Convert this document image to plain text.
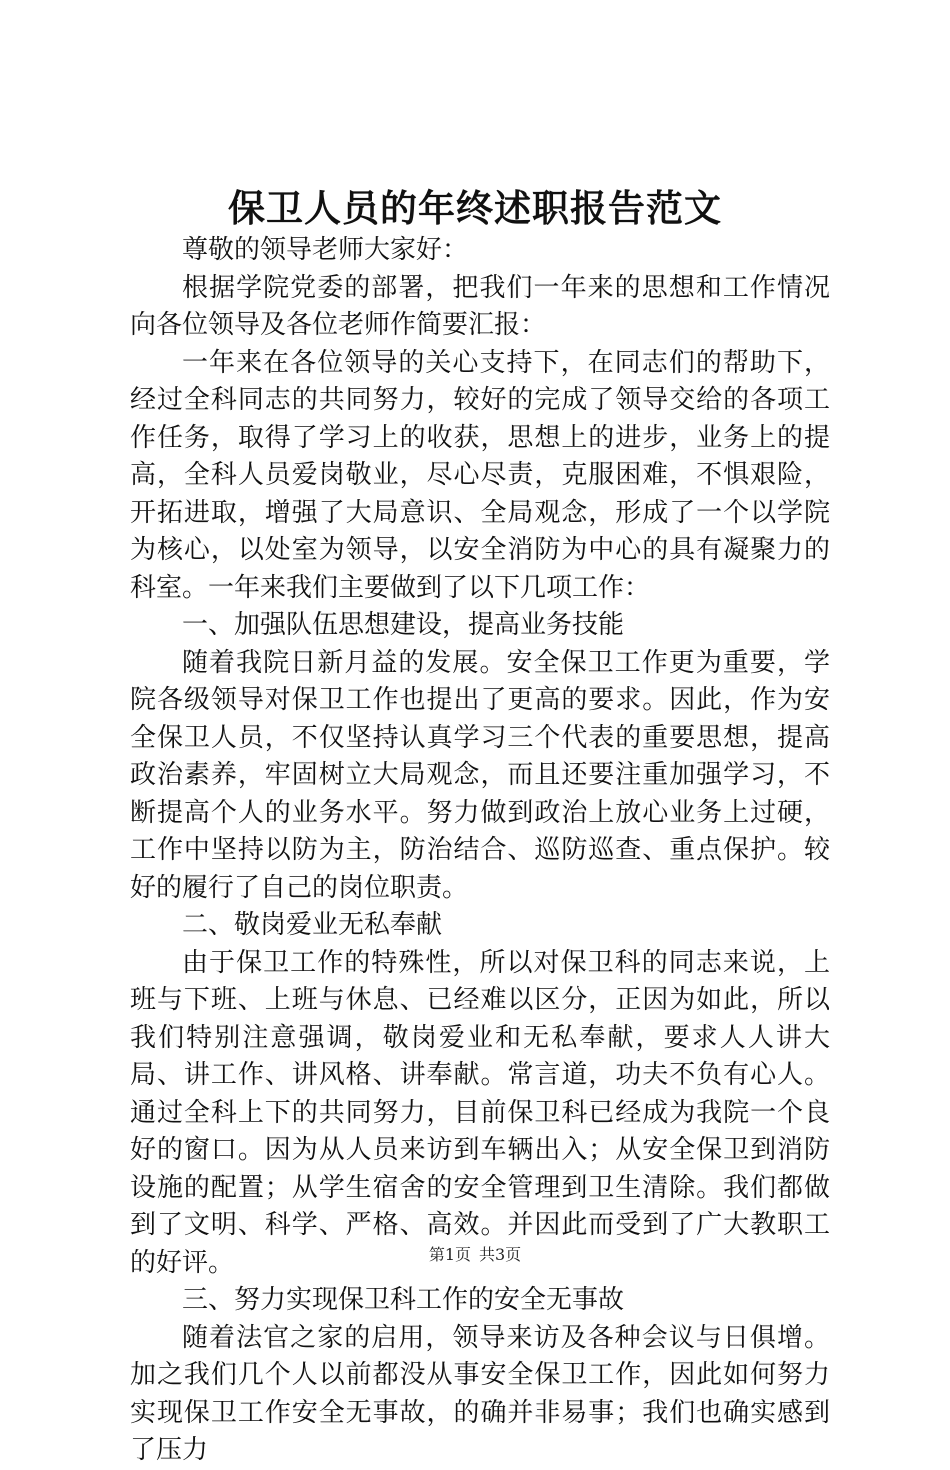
保卫人员的年终述职报告范文

尊敬的领导老师大家好：

根据学院党委的部署，把我们一年来的思想和工作情况向各位领导及各位老师作简要汇报：

一年来在各位领导的关心支持下，在同志们的帮助下，经过全科同志的共同努力，较好的完成了领导交给的各项工作任务，取得了学习上的收获，思想上的进步，业务上的提高，全科人员爱岗敬业，尽心尽责，克服困难，不惧艰险，开拓进取，增强了大局意识、全局观念，形成了一个以学院为核心，以处室为领导，以安全消防为中心的具有凝聚力的科室。一年来我们主要做到了以下几项工作：

一、加强队伍思想建设，提高业务技能

随着我院日新月益的发展。安全保卫工作更为重要，学院各级领导对保卫工作也提出了更高的要求。因此，作为安全保卫人员，不仅坚持认真学习三个代表的重要思想，提高政治素养，牢固树立大局观念，而且还要注重加强学习，不断提高个人的业务水平。努力做到政治上放心业务上过硬，工作中坚持以防为主，防治结合、巡防巡查、重点保护。较好的履行了自己的岗位职责。

二、敬岗爱业无私奉献

由于保卫工作的特殊性，所以对保卫科的同志来说，上班与下班、上班与休息、已经难以区分，正因为如此，所以我们特别注意强调，敬岗爱业和无私奉献，要求人人讲大局、讲工作、讲风格、讲奉献。常言道，功夫不负有心人。通过全科上下的共同努力，目前保卫科已经成为我院一个良好的窗口。因为从人员来访到车辆出入；从安全保卫到消防设施的配置；从学生宿舍的安全管理到卫生清除。我们都做到了文明、科学、严格、高效。并因此而受到了广大教职工的好评。

三、努力实现保卫科工作的安全无事故

随着法官之家的启用，领导来访及各种会议与日俱增。加之我们几个人以前都没从事安全保卫工作，因此如何努力实现保卫工作安全无事故，的确并非易事；我们也确实感到了压力

第1页 共3页
